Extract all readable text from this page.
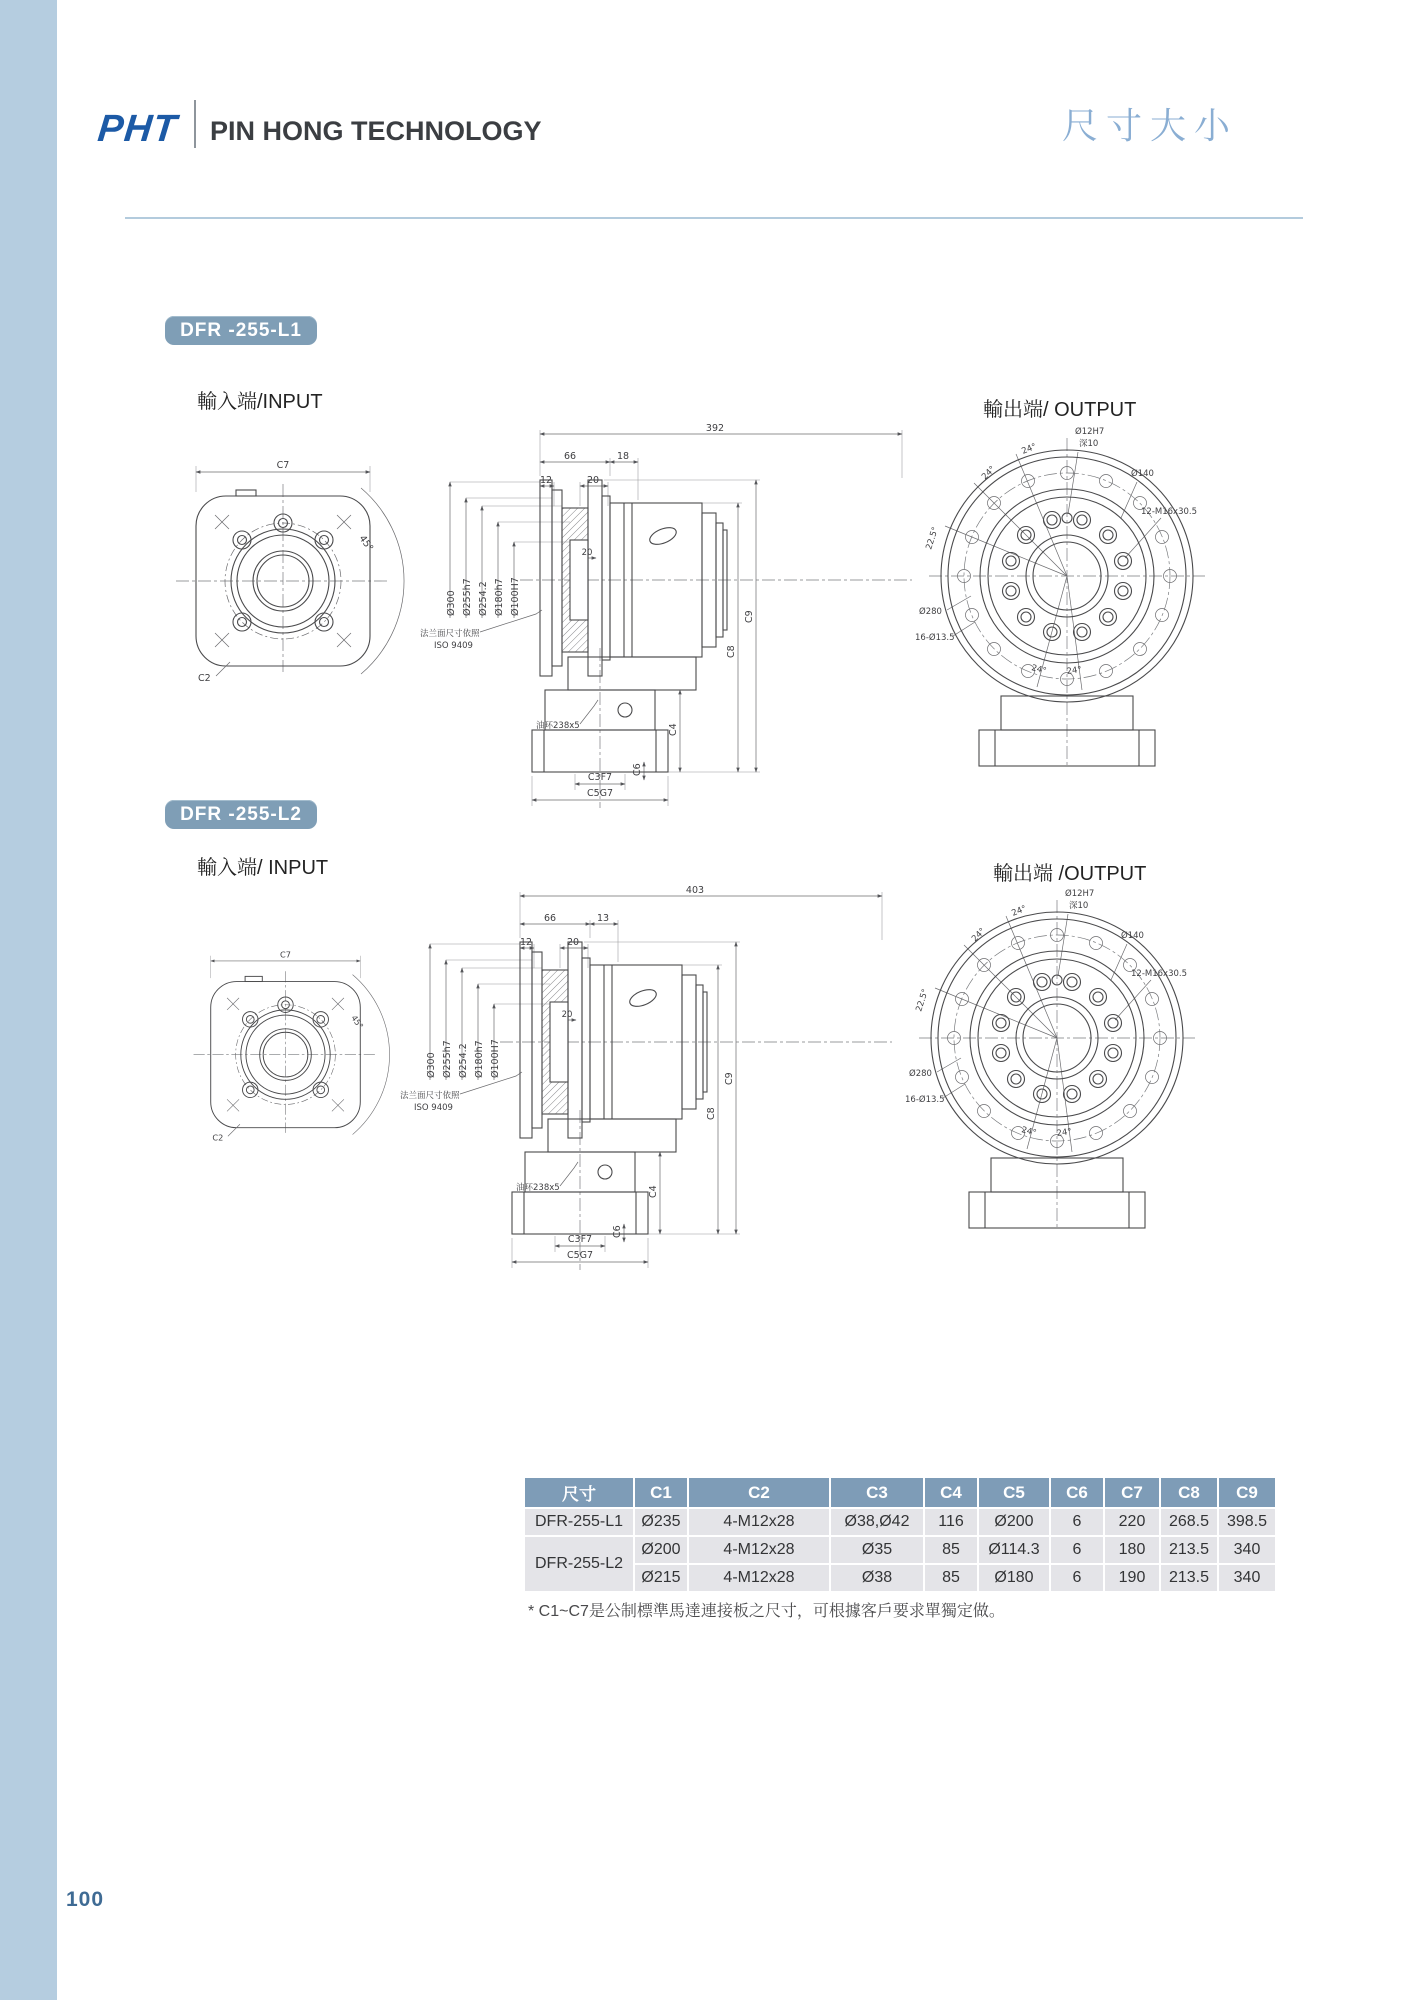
PHT PIN HONG TECHNOLOGY	尺寸大小
DFR -255-L1
輸入端/INPUT	輸出端/ OUTPUT
C7
45°
C2
392
66	18
12	20
20
Ø300 Ø255h7 Ø254.2 Ø180h7 Ø100H7
C4
C8
C9
C6
C3F7
C5G7
法兰面尺寸依照
ISO 9409
油环238x5
Ø12H7
深10
Ø140
12-M16x30.5
24°
24°
22.5°
Ø280
16-Ø13.5
24° 24°
DFR -255-L2
輸入端/ INPUT	輸出端 /OUTPUT
C7
45°
C2
403
66	13
12	20
20
Ø300 Ø255h7 Ø254.2 Ø180h7 Ø100H7
C4
C8
C9
C6
C3F7
C5G7
法兰面尺寸依照
ISO 9409
油环238x5
Ø12H7
深10
Ø140
12-M16x30.5
24°
24°
22.5°
Ø280
16-Ø13.5
24° 24°
尺寸	C1	C2	C3	C4	C5	C6	C7	C8	C9
DFR-255-L1	Ø235	4-M12x28	Ø38,Ø42	116	Ø200	6	220	268.5	398.5
DFR-255-L2	Ø200	4-M12x28	Ø35	85	Ø114.3	6	180	213.5	340
	Ø215	4-M12x28	Ø38	85	Ø180	6	190	213.5	340
* C1~C7是公制標準馬達連接板之尺寸，可根據客戶要求單獨定做。
100
